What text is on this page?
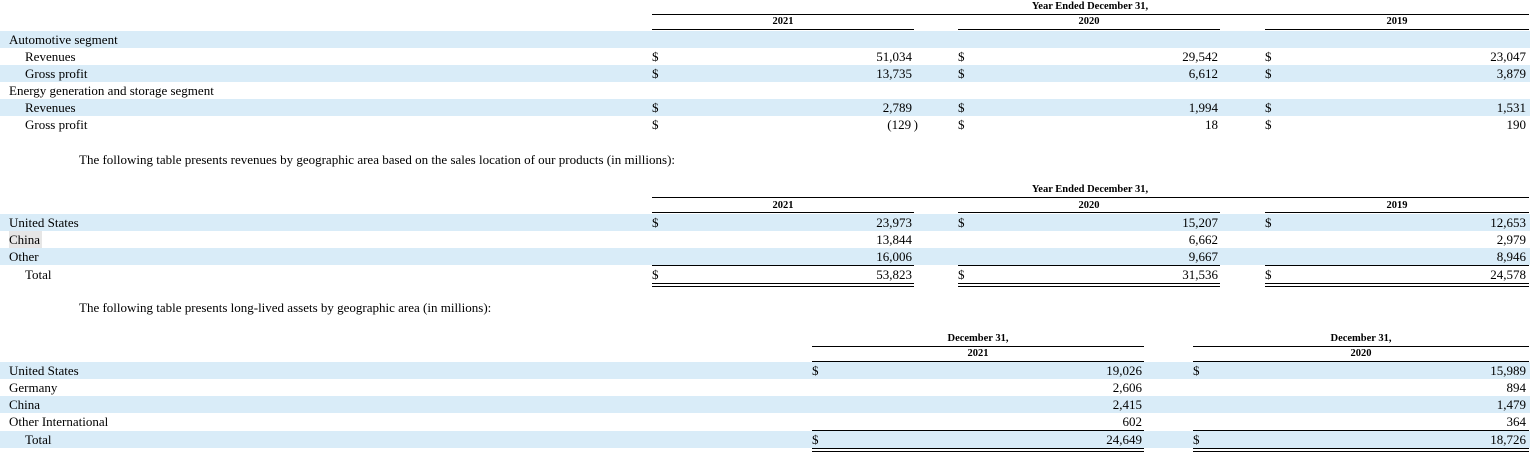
Year Ended December 31,
2021	2020	2019
Automotive segment
Revenues	$	51,034	$	29,542	$	23,047
Gross profit	$	13,735	$	6,612	$	3,879
Energy generation and storage segment
Revenues	$	2,789	$	1,994	$	1,531
Gross profit	$	(129 )	$	18	$	190
The following table presents revenues by geographic area based on the sales location of our products (in millions):
Year Ended December 31,
2021	2020	2019
United States	$	23,973	$	15,207	$	12,653
China	13,844	6,662	2,979
Other	16,006	9,667	8,946
Total	$	53,823	$	31,536	$	24,578
The following table presents long-lived assets by geographic area (in millions):
December 31,
2021
December 31,
2020
United States	$	19,026	$	15,989
Germany	2,606	894
China	2,415	1,479
Other International	602	364
Total	$	24,649	$	18,726
